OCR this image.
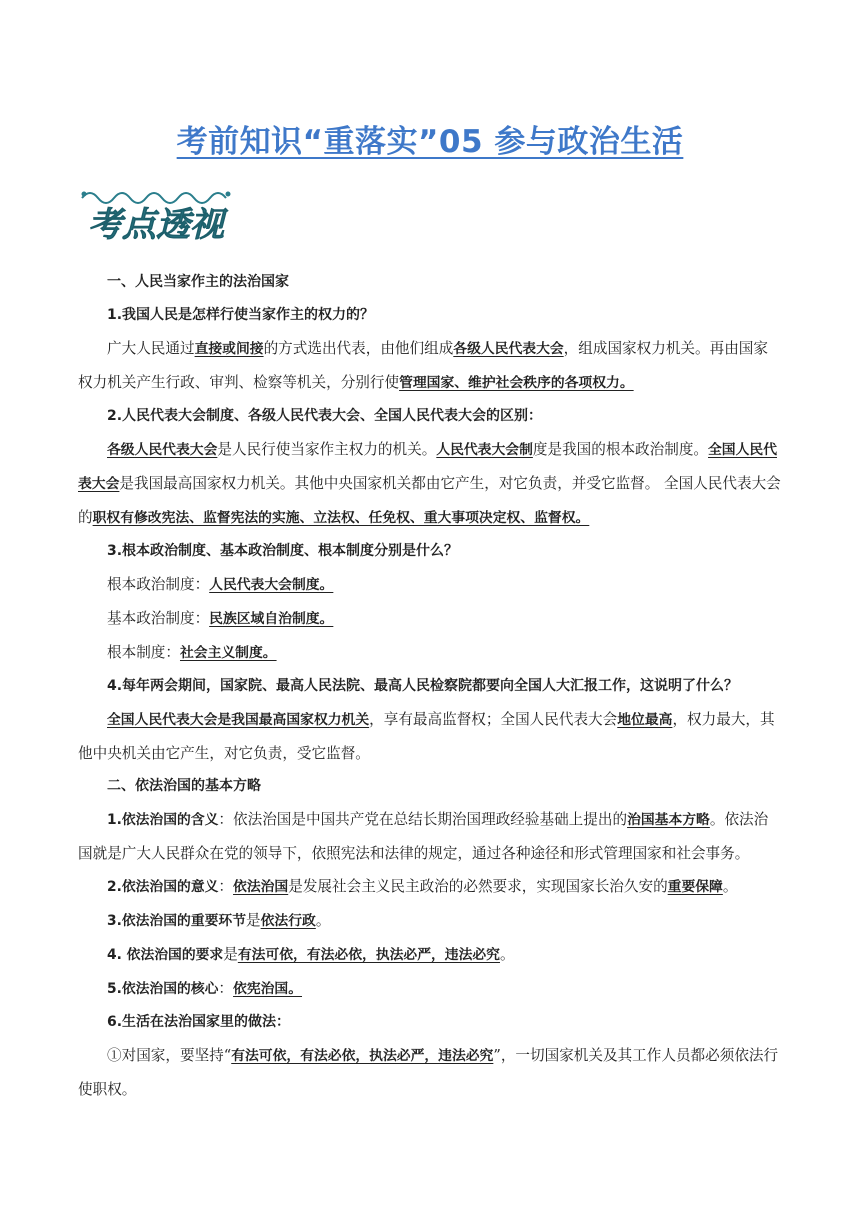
考前知识“重落实”05 参与政治生活
考点透视

一、人民当家作主的法治国家

1.我国人民是怎样行使当家作主的权力的？

广大人民通过直接或间接的方式选出代表，由他们组成各级人民代表大会，组成国家权力机关。再由国家权力机关产生行政、审判、检察等机关，分别行使管理国家、维护社会秩序的各项权力。

2.人民代表大会制度、各级人民代表大会、全国人民代表大会的区别：

各级人民代表大会是人民行使当家作主权力的机关。人民代表大会制度是我国的根本政治制度。全国人民代表大会是我国最高国家权力机关。其他中央国家机关都由它产生，对它负责，并受它监督。 全国人民代表大会的职权有修改宪法、监督宪法的实施、立法权、任免权、重大事项决定权、监督权。

3.根本政治制度、基本政治制度、根本制度分别是什么？

根本政治制度：人民代表大会制度。

基本政治制度：民族区域自治制度。

根本制度：社会主义制度。

4.每年两会期间，国家院、最高人民法院、最高人民检察院都要向全国人大汇报工作，这说明了什么？

全国人民代表大会是我国最高国家权力机关，享有最高监督权；全国人民代表大会地位最高，权力最大，其他中央机关由它产生，对它负责，受它监督。

二、依法治国的基本方略

1.依法治国的含义：依法治国是中国共产党在总结长期治国理政经验基础上提出的治国基本方略。依法治国就是广大人民群众在党的领导下，依照宪法和法律的规定，通过各种途径和形式管理国家和社会事务。

2.依法治国的意义：依法治国是发展社会主义民主政治的必然要求，实现国家长治久安的重要保障。

3.依法治国的重要环节是依法行政。

4. 依法治国的要求是有法可依，有法必依，执法必严，违法必究。

5.依法治国的核心：依宪治国。

6.生活在法治国家里的做法：

①对国家，要坚持“有法可依，有法必依，执法必严，违法必究”，一切国家机关及其工作人员都必须依法行使职权。
